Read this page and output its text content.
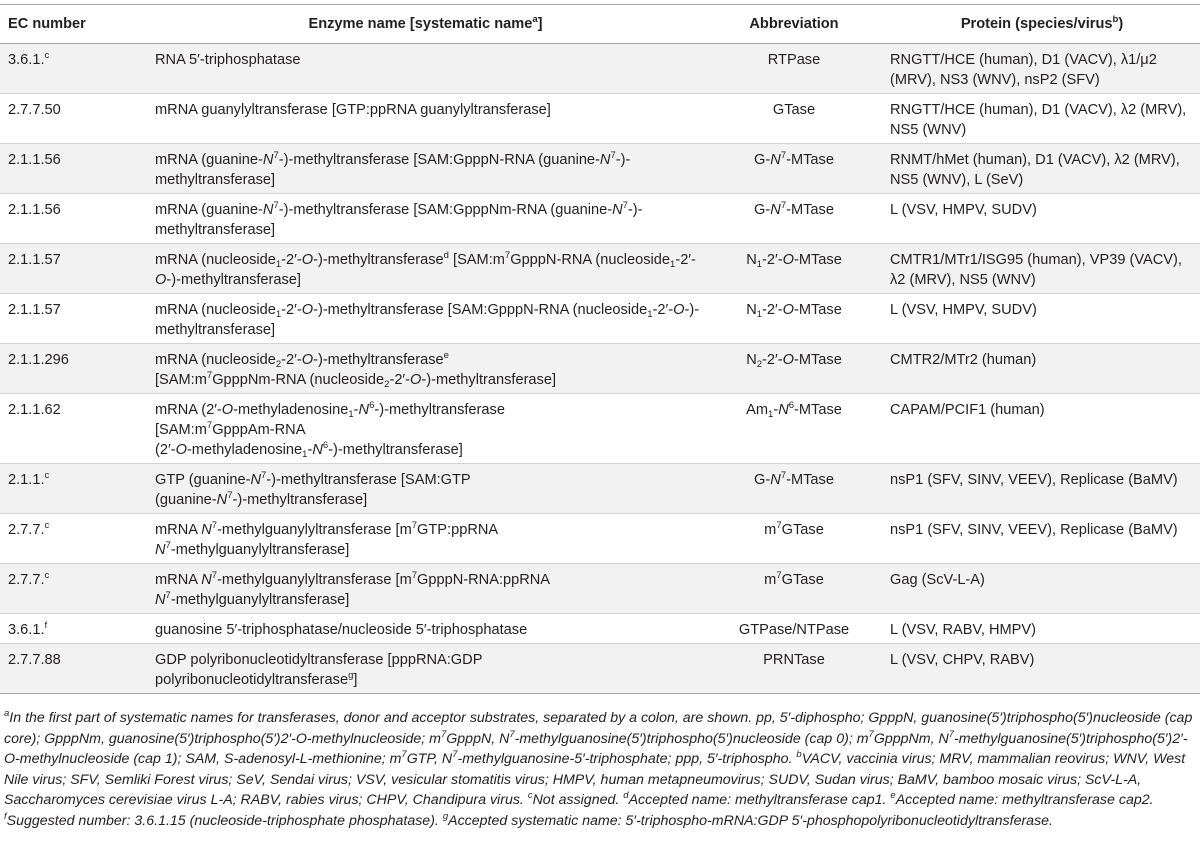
EC number	Enzyme name [systematic name$^a$]	Abbreviation	Protein (species/virus$^b$)
3.6.1.$^c$	RNA 5′-triphosphatase	RTPase	RNGTT/HCE (human), D1 (VACV), λ1/μ2 (MRV), NS3 (WNV), nsP2 (SFV)
2.7.7.50	mRNA guanylyltransferase [GTP:ppRNA guanylyltransferase]	GTase	RNGTT/HCE (human), D1 (VACV), λ2 (MRV), NS5 (WNV)
2.1.1.56	mRNA $(guanine-N^7-)$-methyltransferase [SAM:GpppN-RNA $(guanine-N^7-)-methyltransferase$]	$G-N^7$-MTase	RNMT/hMet (human), D1 (VACV), λ2 (MRV), NS5 (WNV), L (SeV)
2.1.1.56	mRNA $(guanine-N^7-)$-methyltransferase [SAM:GpppNm-RNA $(guanine-N^7-)-methyltransferase$]	$G-N^7$-MTase	L (VSV, HMPV, SUDV)
2.1.1.57	mRNA (nucleoside$_1$-2′-O-)-methyltransferase$^d$ [$SAM:m^7GpppN$-RNA (nucleoside$_1$-2′-O-)-methyltransferase]	$N_1-2'-O$-MTase	CMTR1/MTr1/ISG95 (human), VP39 (VACV), λ2 (MRV), NS5 (WNV)
2.1.1.57	mRNA (nucleoside$_1$-2′-O-)-methyltransferase [SAM:GpppN-RNA (nucleoside$_1$-2′-O-)-methyltransferase]	$N_1-2'-O$-MTase	L (VSV, HMPV, SUDV)
2.1.1.296	mRNA (nucleoside$_2$-2′-O-)-methyltransferase$^e$
[$SAM:m^7GpppNm$-RNA (nucleoside$_2$-2′-O-)-methyltransferase]	$N_2-2'-O$-MTase	CMTR2/MTr2 (human)
2.1.1.62	mRNA $(2'-O-methyladenosine_1-N^6-)$-methyltransferase
[$SAM:m^7GpppAm$-RNA
$(2'-O-methyladenosine_1-N^6-)-methyltransferase$]	$Am_1-N^6$-MTase	CAPAM/PCIF1 (human)
2.1.1.$^c$	GTP $(guanine-N^7-)$-methyltransferase [SAM:GTP
$(guanine-N^7-)-methyltransferase$]	$G-N^7$-MTase	nsP1 (SFV, SINV, VEEV), Replicase (BaMV)
2.7.7.$^c$	mRNA $N^7$-methylguanylyltransferase [$m^7GTP:ppRNA$
$N^7-methylguanylyltransferase$]	$m^7GTase$	nsP1 (SFV, SINV, VEEV), Replicase (BaMV)
2.7.7.$^c$	mRNA $N^7$-methylguanylyltransferase [$m^7GpppN-RNA:ppRNA$
$N^7-methylguanylyltransferase$]	$m^7GTase$	Gag (ScV-L-A)
3.6.1.$^f$	guanosine 5′-triphosphatase/nucleoside 5′-triphosphatase	GTPase/NTPase	L (VSV, RABV, HMPV)
2.7.7.88	GDP polyribonucleotidyltransferase [pppRNA:GDP
polyribonucleotidyltransferase$^g$]	PRNTase	L (VSV, CHPV, RABV)
$^a$In the first part of systematic names for transferases, donor and acceptor substrates, separated by a colon, are shown. pp, 5′-diphospho; GpppN, guanosine(5′)triphospho(5′)nucleoside (cap core); GpppNm, guanosine(5′)triphospho(5′)2′-O-methylnucleoside; $m^7GpppN$, $N^7-methylguanosine(5')triphospho(5')nucleoside$ (cap 0); $m^7GpppNm$, $N^7-methylguanosine(5')triphospho(5')2'-O$-methylnucleoside (cap 1); SAM, S-adenosyl-L-methionine; $m^7GTP$, $N^7-methylguanosine-5'$-triphosphate; ppp, 5′-triphospho. $^b$VACV, vaccinia virus; MRV, mammalian reovirus; WNV, West Nile virus; SFV, Semliki Forest virus; SeV, Sendai virus; VSV, vesicular stomatitis virus; HMPV, human metapneumovirus; SUDV, Sudan virus; BaMV, bamboo mosaic virus; ScV-L-A, Saccharomyces cerevisiae virus L-A; RABV, rabies virus; CHPV, Chandipura virus. $^c$Not assigned. $^d$Accepted name: methyltransferase cap1. $^e$Accepted name: methyltransferase cap2. $^f$Suggested number: 3.6.1.15 (nucleoside-triphosphate phosphatase). $^g$Accepted systematic name: 5′-triphospho-mRNA:GDP 5′-phosphopolyribonucleotidyltransferase.
